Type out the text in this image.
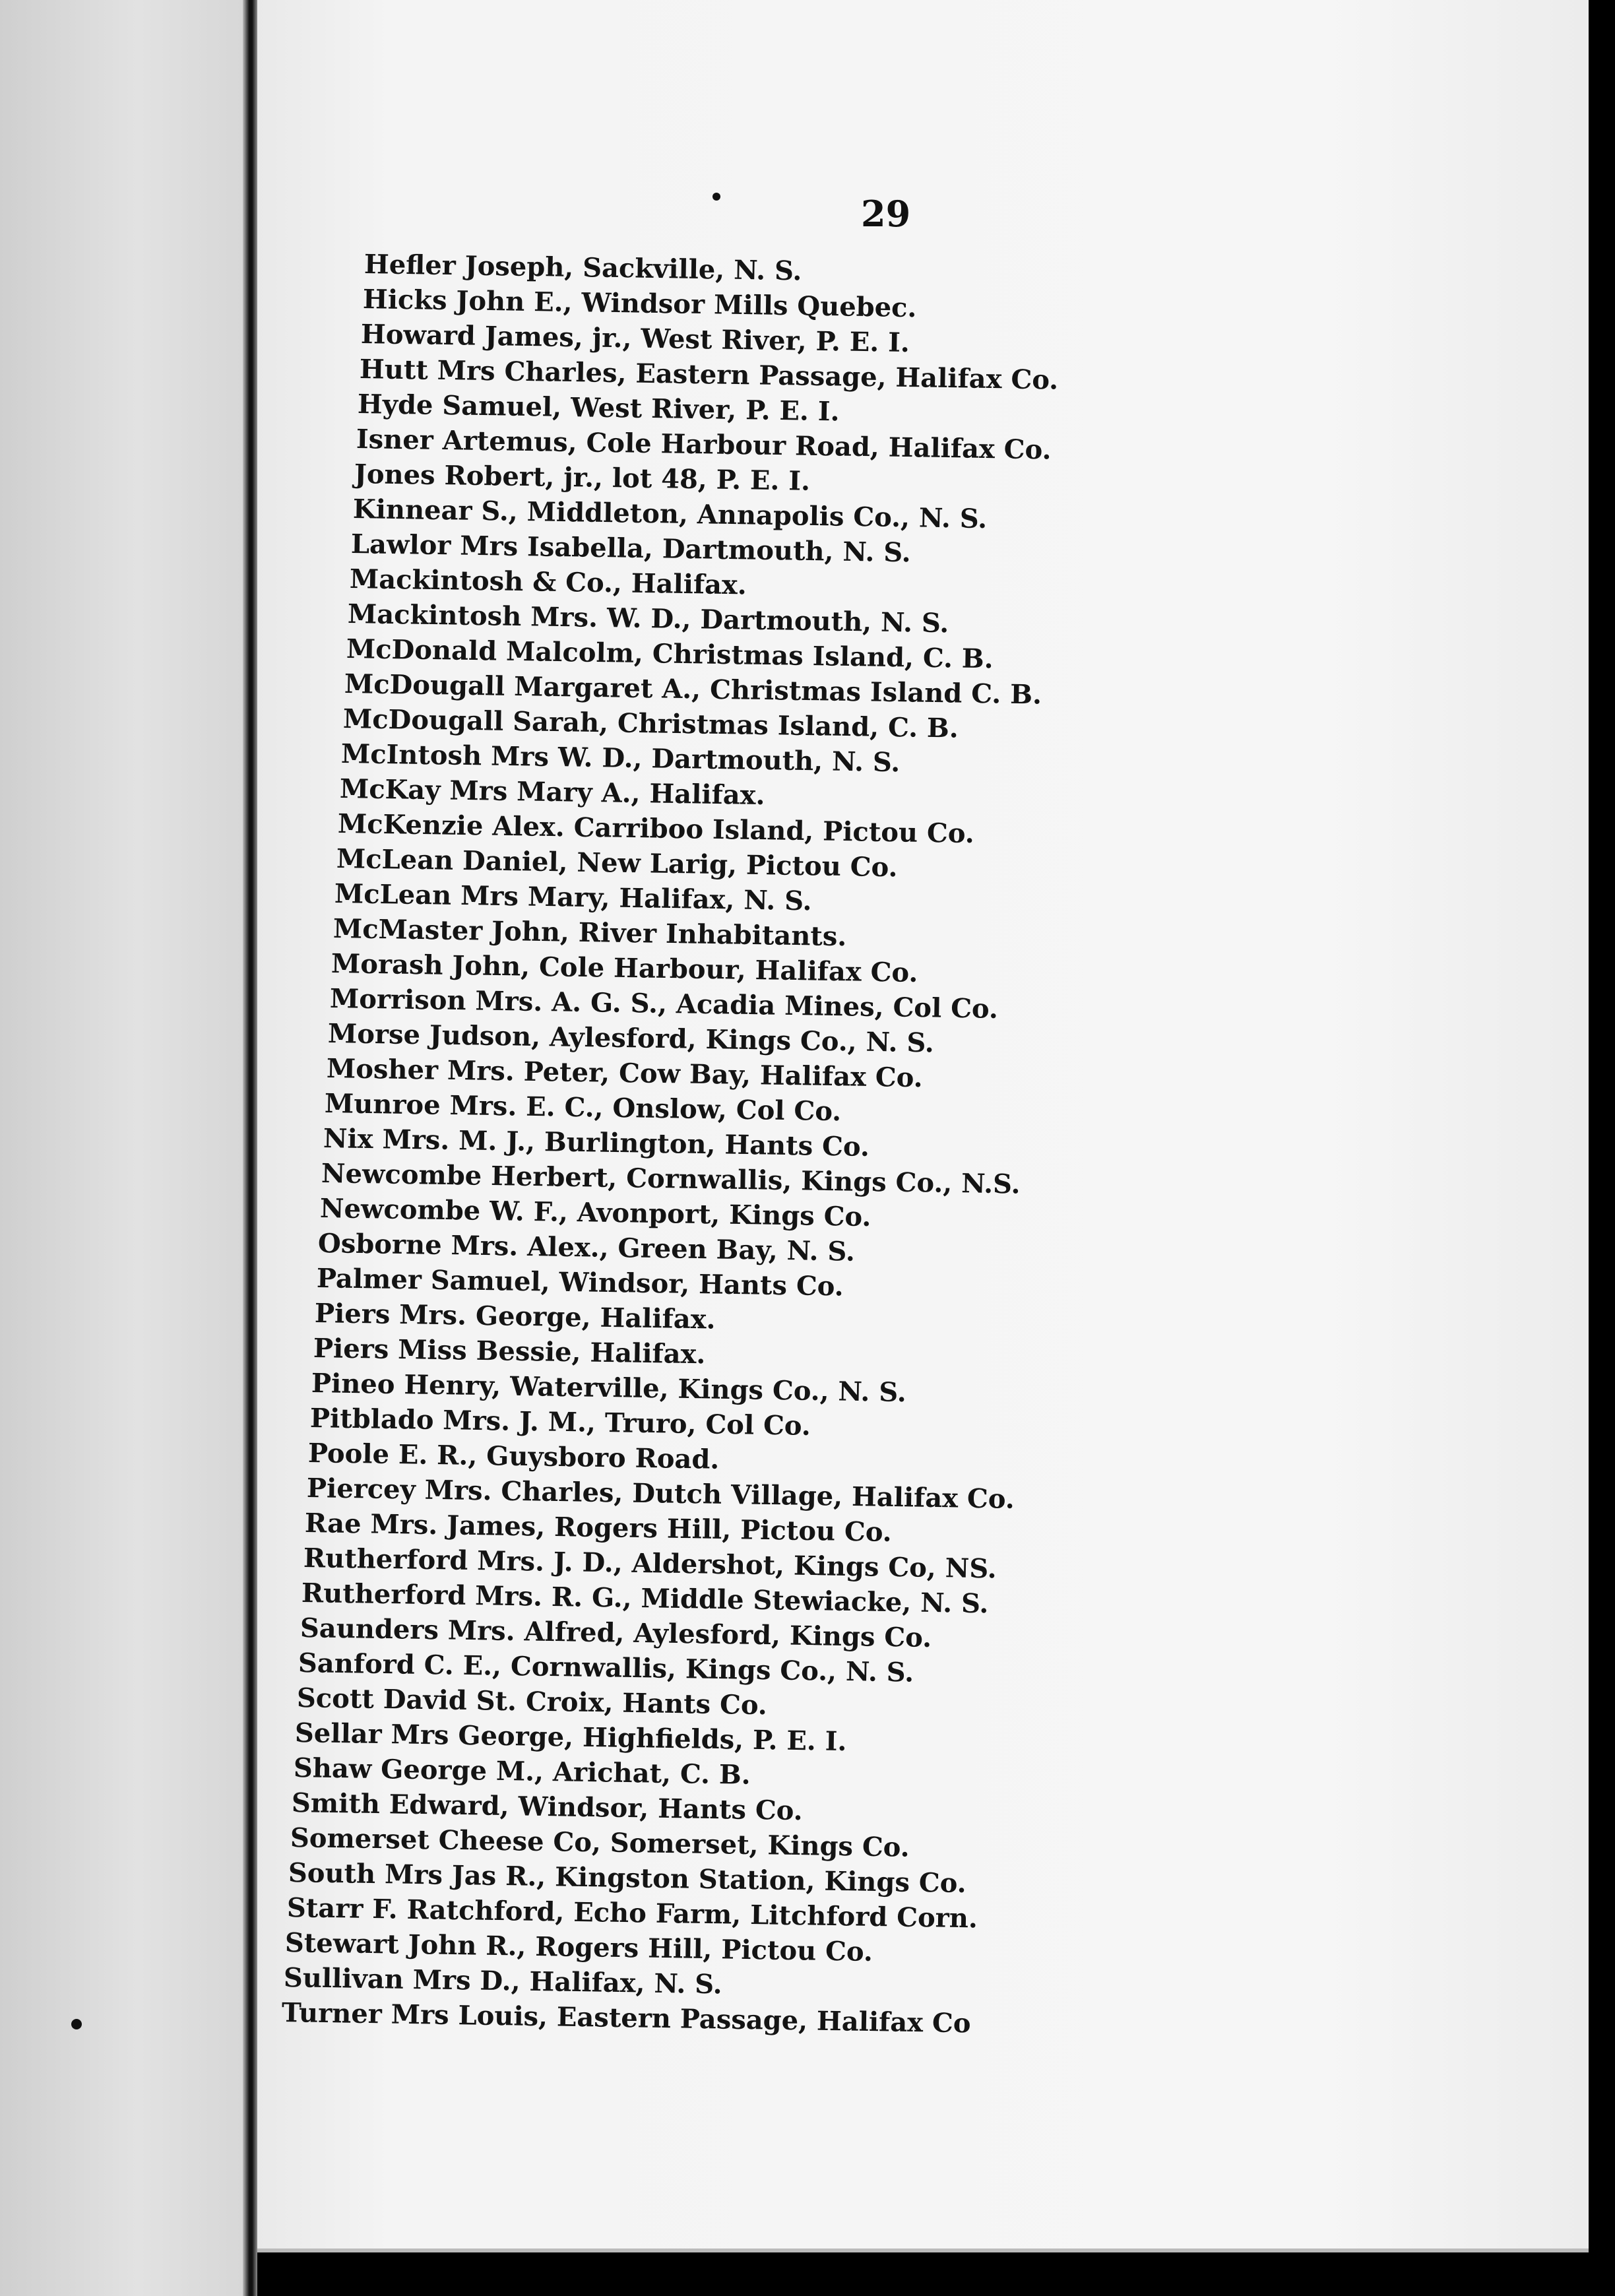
29
Hefler Joseph, Sackville, N. S.
Hicks John E., Windsor Mills Quebec.
Howard James, jr., West River, P. E. I.
Hutt Mrs Charles, Eastern Passage, Halifax Co.
Hyde Samuel, West River, P. E. I.
Isner Artemus, Cole Harbour Road, Halifax Co.
Jones Robert, jr., lot 48, P. E. I.
Kinnear S., Middleton, Annapolis Co., N. S.
Lawlor Mrs Isabella, Dartmouth, N. S.
Mackintosh & Co., Halifax.
Mackintosh Mrs. W. D., Dartmouth, N. S.
McDonald Malcolm, Christmas Island, C. B.
McDougall Margaret A., Christmas Island C. B.
McDougall Sarah, Christmas Island, C. B.
McIntosh Mrs W. D., Dartmouth, N. S.
McKay Mrs Mary A., Halifax.
McKenzie Alex. Carriboo Island, Pictou Co.
McLean Daniel, New Larig, Pictou Co.
McLean Mrs Mary, Halifax, N. S.
McMaster John, River Inhabitants.
Morash John, Cole Harbour, Halifax Co.
Morrison Mrs. A. G. S., Acadia Mines, Col Co.
Morse Judson, Aylesford, Kings Co., N. S.
Mosher Mrs. Peter, Cow Bay, Halifax Co.
Munroe Mrs. E. C., Onslow, Col Co.
Nix Mrs. M. J., Burlington, Hants Co.
Newcombe Herbert, Cornwallis, Kings Co., N.S.
Newcombe W. F., Avonport, Kings Co.
Osborne Mrs. Alex., Green Bay, N. S.
Palmer Samuel, Windsor, Hants Co.
Piers Mrs. George, Halifax.
Piers Miss Bessie, Halifax.
Pineo Henry, Waterville, Kings Co., N. S.
Pitblado Mrs. J. M., Truro, Col Co.
Poole E. R., Guysboro Road.
Piercey Mrs. Charles, Dutch Village, Halifax Co.
Rae Mrs. James, Rogers Hill, Pictou Co.
Rutherford Mrs. J. D., Aldershot, Kings Co, NS.
Rutherford Mrs. R. G., Middle Stewiacke, N. S.
Saunders Mrs. Alfred, Aylesford, Kings Co.
Sanford C. E., Cornwallis, Kings Co., N. S.
Scott David St. Croix, Hants Co.
Sellar Mrs George, Highfields, P. E. I.
Shaw George M., Arichat, C. B.
Smith Edward, Windsor, Hants Co.
Somerset Cheese Co, Somerset, Kings Co.
South Mrs Jas R., Kingston Station, Kings Co.
Starr F. Ratchford, Echo Farm, Litchford Corn.
Stewart John R., Rogers Hill, Pictou Co.
Sullivan Mrs D., Halifax, N. S.
Turner Mrs Louis, Eastern Passage, Halifax Co
